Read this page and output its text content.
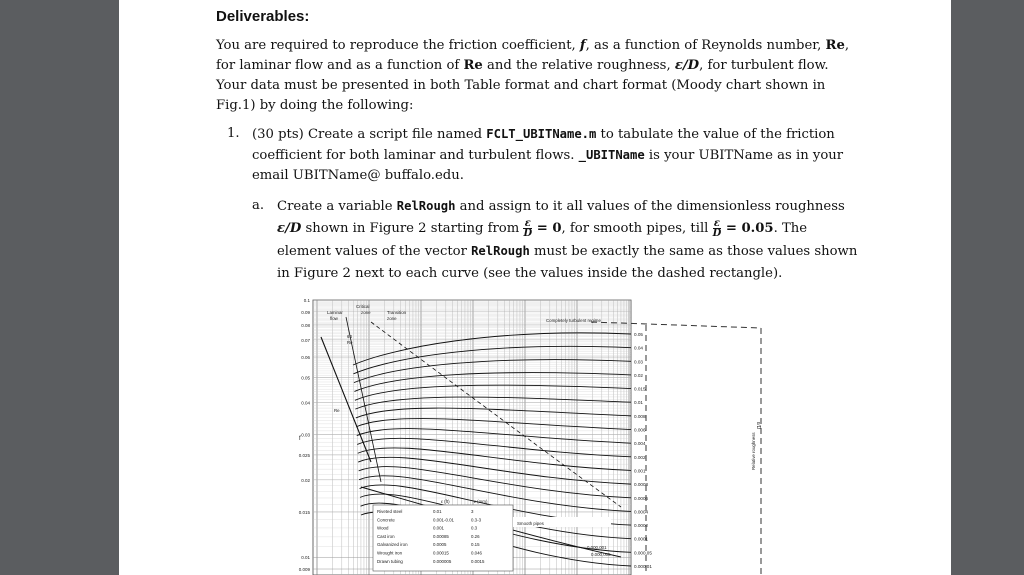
Deliverables:
You are required to reproduce the friction coefficient, f, as a function of Reynolds number, Re, for laminar flow and as a function of Re and the relative roughness, ε/D, for turbulent flow. Your data must be presented in both Table format and chart format (Moody chart shown in Fig.1) by doing the following:
1. (30 pts) Create a script file named FCLT_UBITName.m to tabulate the value of the friction coefficient for both laminar and turbulent flows. _UBITName is your UBITName as in your email UBITName@ buffalo.edu.
a. Create a variable RelRough and assign to it all values of the dimensionless roughness ε/D shown in Figure 2 starting from $\frac{\varepsilon}{D} = 0$, for smooth pipes, till $\frac{\varepsilon}{D} = 0.05$. The element values of the vector RelRough must be exactly the same as those values shown in Figure 2 next to each curve (see the values inside the dashed rectangle).
0.1
0.09
0.08
0.07
0.06
0.05
0.04
0.03
0.025
0.02
0.015
0.01
0.009
f
0.05
0.04
0.03
0.02
0.015
0.01
0.008
0.006
0.004
0.002
0.001
0.0008
0.0006
0.0004
0.0002
0.0001
0.000,05
0.000,01
Laminar
flow
Critical
zone	Transition
zone	Completely turbulent regime
64
Re
Re
Smooth pipes
0.000,001
0.000,005
Relative roughness
ε/D
ε (ft)	ε (mm)
Riveted steel	0.01	3
Concrete	0.001-0.01	0.3-3
Wood	0.001	0.3
Cast iron	0.00085	0.26
Galvanized iron	0.0005	0.15
Wrought iron	0.00015	0.046
Drawn tubing	0.000005	0.0015
